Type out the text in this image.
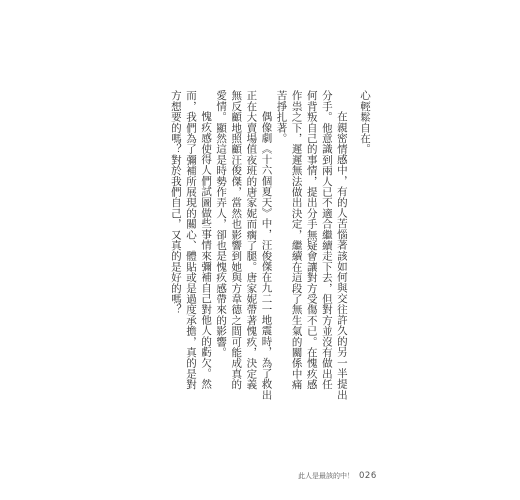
心輕鬆自在。

在親密情感中，有的人苦惱著該如何與交往許久的另一半提出分手。他意識到兩人已不適合繼續走下去，但對方並沒有做出任何背叛自己的事情，提出分手無疑會讓對方受傷不已。在愧疚感作祟之下，遲遲無法做出決定，繼續在這段了無生氣的關係中痛苦掙扎著。

偶像劇《十六個夏天》中，汪俊傑在九二一地震時，為了救出正在大賣場值夜班的唐家妮而瘸了腿。唐家妮帶著愧疚，決定義無反顧地照顧汪俊傑，當然也影響到她與方韋德之間可能成真的愛情。顯然這是時勢作弄人，卻也是愧疚感帶來的影響。

愧疚感使得人們試圖做些事情來彌補自己對他人的虧欠。然而，我們為了彌補所展現的關心、體貼或是過度承擔，真的是對方想要的嗎？對於我們自己，又真的是好的嗎？

此人是最該的中！ 026
